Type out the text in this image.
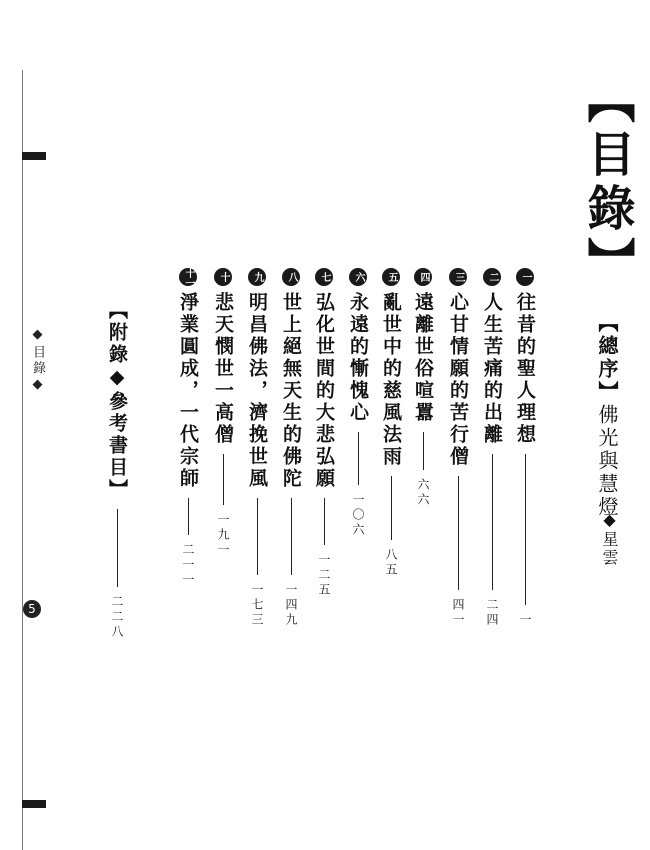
◆目錄◆
5
【目錄】
【總序】佛光與慧燈
◆星雲
一
往昔的聖人理想
一
二
人生苦痛的出離
二四
三
心甘情願的苦行僧
四一
四
遠離世俗喧囂
六六
五
亂世中的慈風法雨
八五
六
永遠的慚愧心
一〇六
七
弘化世間的大悲弘願
一二五
八
世上絕無天生的佛陀
一四九
九
明昌佛法，濟挽世風
一七三
十
悲天憫世一高僧
一九一
十一
淨業圓成，一代宗師
二一一
【附錄◆參考書目】
二二八
